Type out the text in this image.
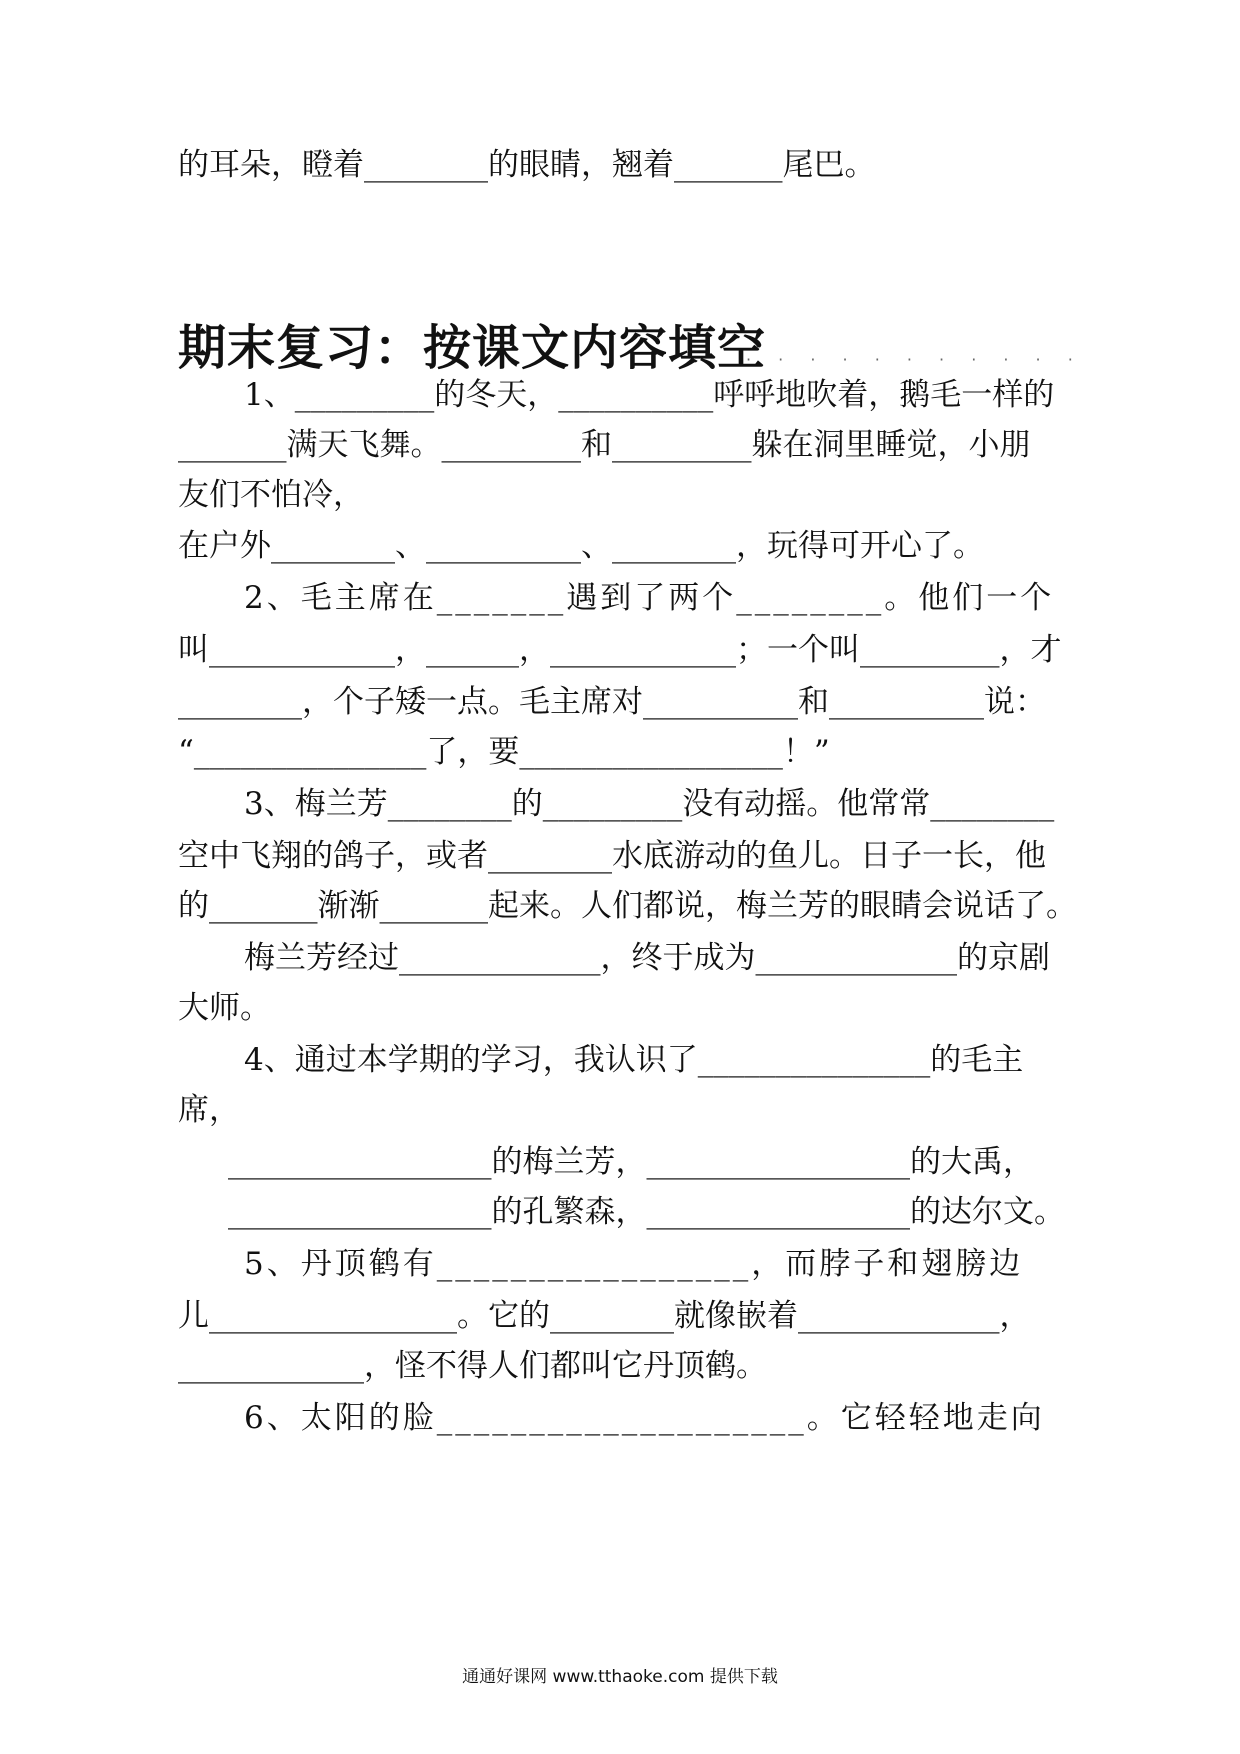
的耳朵，瞪着________的眼睛，翘着_______尾巴。
期末复习：按课文内容填空
· · · · · · · · · · ·
1、_________的冬天，__________呼呼地吹着，鹅毛一样的
_______满天飞舞。_________和_________躲在洞里睡觉，小朋
友们不怕冷，
在户外________、__________、________，玩得可开心了。
2、毛主席在_______遇到了两个________。他们一个
叫____________，______，____________；一个叫_________，才
________，个子矮一点。毛主席对__________和__________说：
“_______________了，要_________________！”
3、梅兰芳________的_________没有动摇。他常常________
空中飞翔的鸽子，或者________水底游动的鱼儿。日子一长，他
的_______渐渐_______起来。人们都说，梅兰芳的眼睛会说话了。
梅兰芳经过_____________，终于成为_____________的京剧
大师。
4、通过本学期的学习，我认识了_______________的毛主
席，
_________________的梅兰芳，_________________的大禹，
_________________的孔繁森，_________________的达尔文。
5、丹顶鹤有_________________，而脖子和翅膀边
儿________________。它的________就像嵌着_____________，
____________，怪不得人们都叫它丹顶鹤。
6、太阳的脸____________________。它轻轻地走向
通通好课网 www.tthaoke.com 提供下载
